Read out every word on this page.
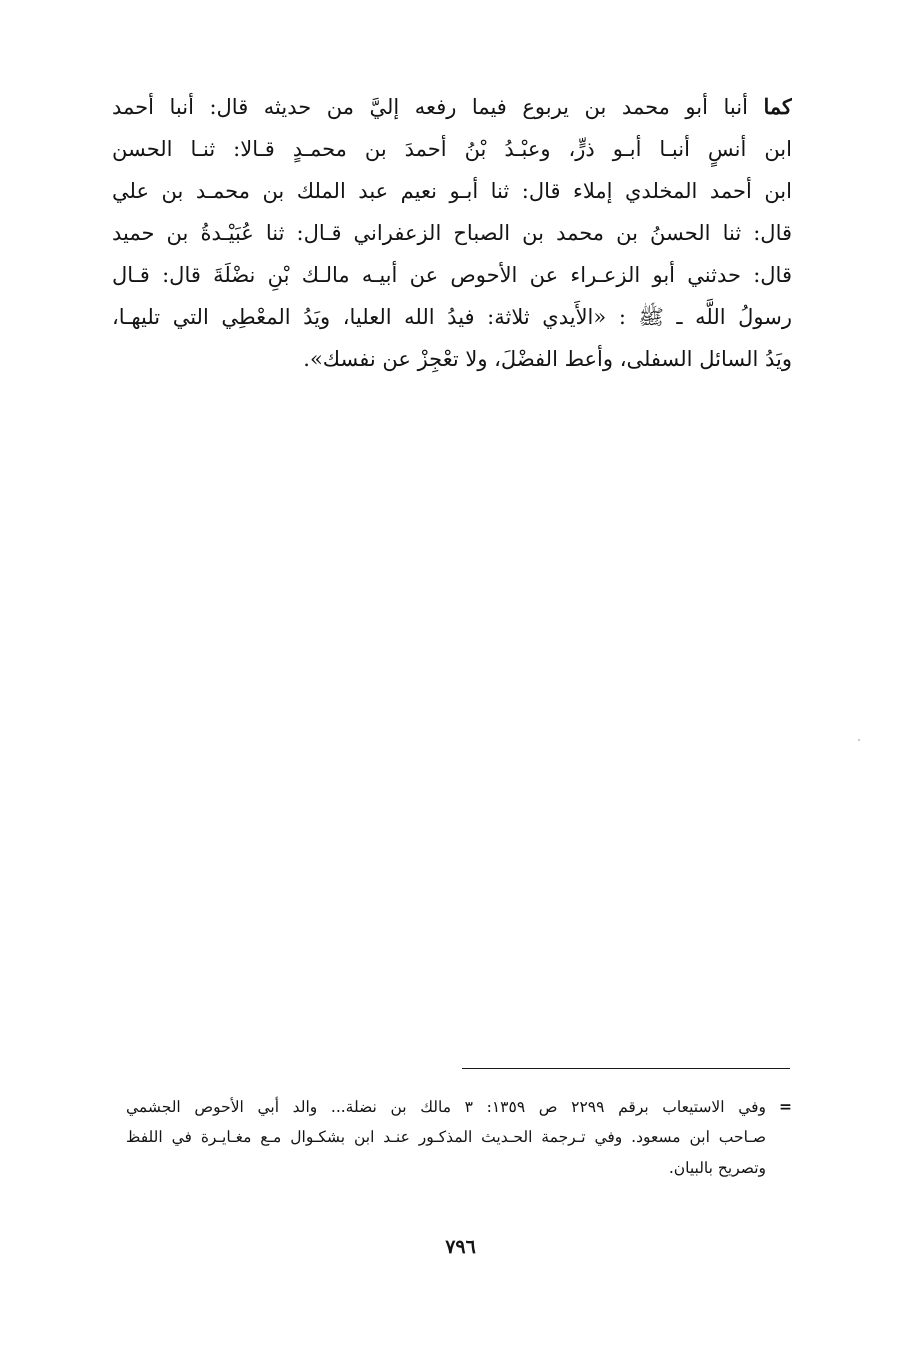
كما أنبا أبو محمد بن يربوع فيما رفعه إليَّ من حديثه قال: أنبا أحمد
ابن أنسٍ أنبـا أبـو ذرٍّ، وعبْـدُ بْنُ أحمدَ بن محمـدٍ قـالا: ثنـا الحسن
ابن أحمد المخلدي إملاء قال: ثنا أبـو نعيم عبد الملك بن محمـد بن علي
قال: ثنا الحسنُ بن محمد بن الصباح الزعفراني قـال: ثنا عُبَيْـدةُ بن حميد
قال: حدثني أبو الزعـراء عن الأحوص عن أبيـه مالـك بْنِ نضْلَةَ قال: قـال
رسولُ اللَّه ـ ﷺ : «الأَيدي ثلاثة: فيدُ الله العليا، ويَدُ المعْطِي التي تليهـا،
ويَدُ السائل السفلى، وأعط الفضْلَ، ولا تعْجِزْ عن نفسك».
=وفي الاستيعاب برقم ٢٢٩٩ ص ١٣٥٩: ٣ مالك بن نضلة... والد أبي الأحوص الجشمي
صـاحب ابن مسعود. وفي تـرجمة الحـديث المذكـور عنـد ابن بشكـوال مـع مغـايـرة في اللفظ
وتصريح بالبيان.
٧٩٦
